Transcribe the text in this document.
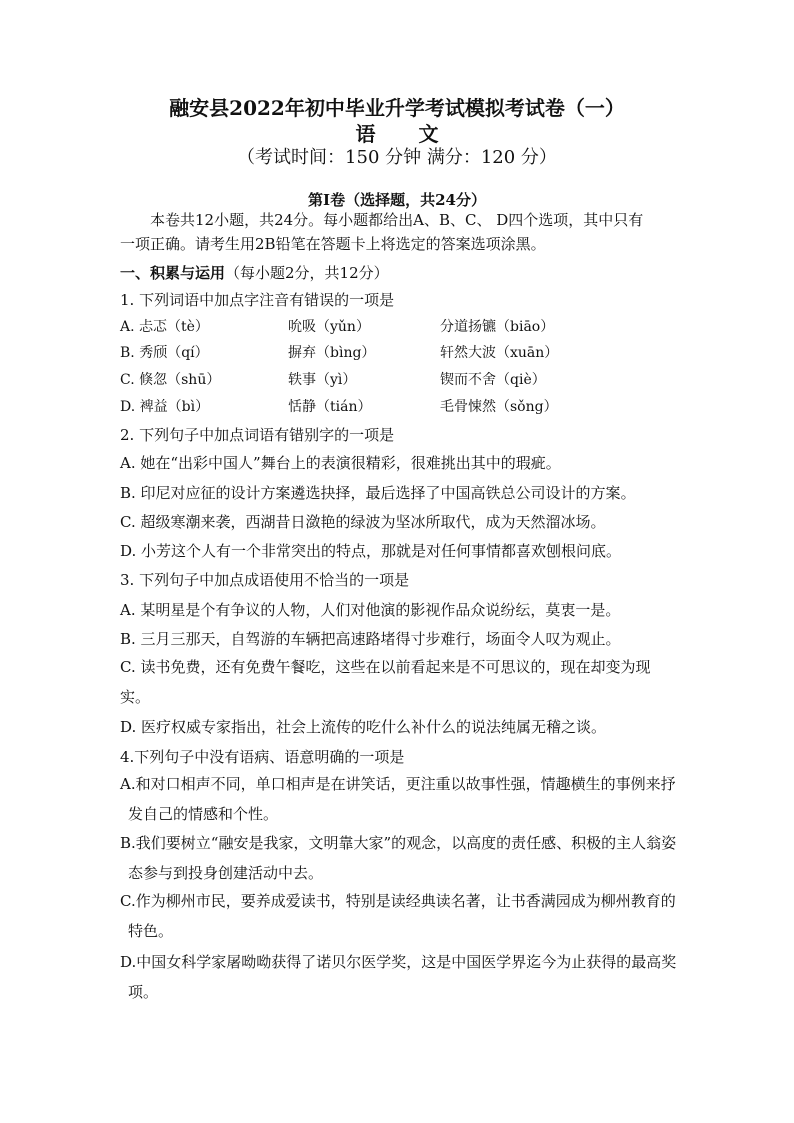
融安县2022年初中毕业升学考试模拟考试卷（一）
语 文
（考试时间：150 分钟 满分：120 分）
第Ⅰ卷（选择题，共24分）
本卷共12小题，共24分。每小题都给出A、B、C、 D四个选项，其中只有
一项正确。请考生用2B铅笔在答题卡上将选定的答案选项涂黑。
一、积累与运用（每小题2分，共12分）
1. 下列词语中加点字注音有错误的一项是
A. 忐忑（tè）	吮吸（yǔn）	分道扬镳（biāo）
B. 秀颀（qí）	摒弃（bìng）	轩然大波（xuān）
C. 倏忽（shū）	轶事（yì）	锲而不舍（qiè）
D. 裨益（bì）	恬静（tián）	毛骨悚然（sǒng）
2. 下列句子中加点词语有错别字的一项是
A. 她在“出彩中国人”舞台上的表演很精彩，很难挑出其中的瑕疵。
B. 印尼对应征的设计方案遴选抉择，最后选择了中国高铁总公司设计的方案。
C. 超级寒潮来袭，西湖昔日潋艳的绿波为坚冰所取代，成为天然溜冰场。
D. 小芳这个人有一个非常突出的特点，那就是对任何事情都喜欢刨根问底。
3. 下列句子中加点成语使用不恰当的一项是
A. 某明星是个有争议的人物，人们对他演的影视作品众说纷纭，莫衷一是。
B. 三月三那天，自驾游的车辆把高速路堵得寸步难行，场面令人叹为观止。
C. 读书免费，还有免费午餐吃，这些在以前看起来是不可思议的，现在却变为现实。
D. 医疗权威专家指出，社会上流传的吃什么补什么的说法纯属无稽之谈。
4.下列句子中没有语病、语意明确的一项是
A.和对口相声不同，单口相声是在讲笑话，更注重以故事性强，情趣横生的事例来抒发自己的情感和个性。
B.我们要树立“融安是我家，文明靠大家”的观念，以高度的责任感、积极的主人翁姿态参与到投身创建活动中去。
C.作为柳州市民，要养成爱读书，特别是读经典读名著，让书香满园成为柳州教育的特色。
D.中国女科学家屠呦呦获得了诺贝尔医学奖，这是中国医学界迄今为止获得的最高奖项。
